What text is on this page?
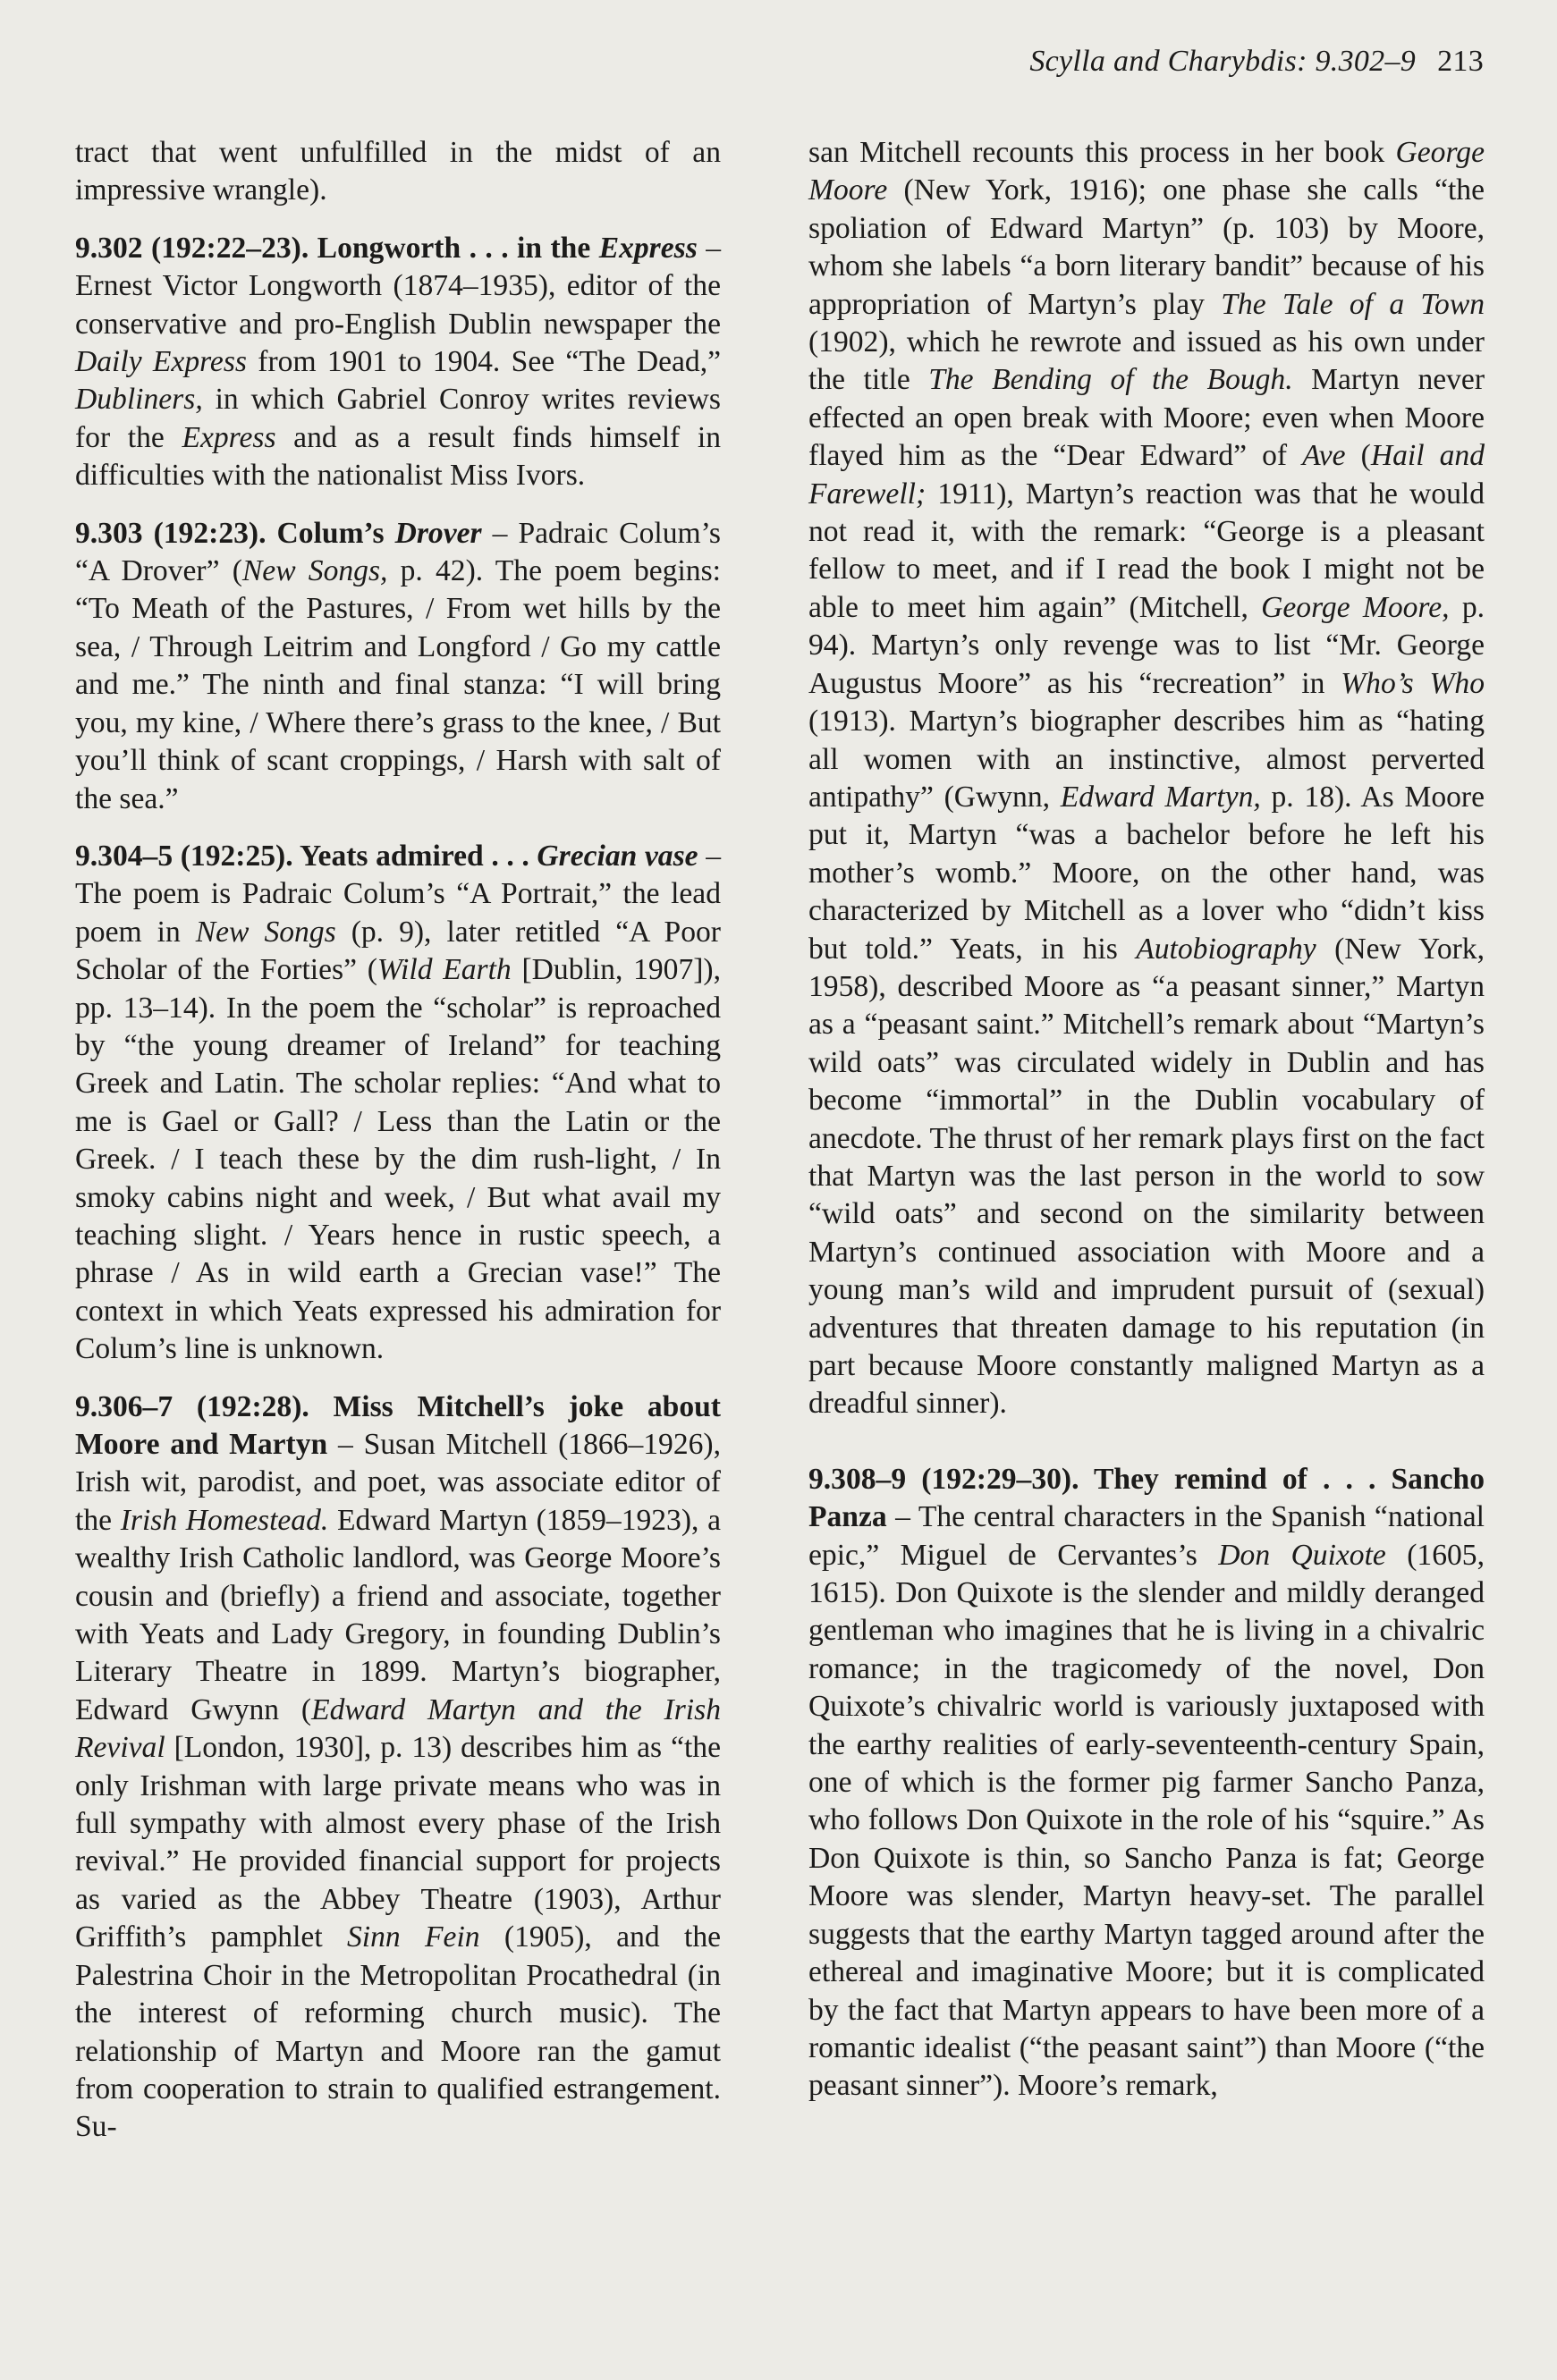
Scylla and Charybdis: 9.302–9 213

tract that went unfulfilled in the midst of an impressive wrangle).

9.302 (192:22–23). Longworth . . . in the Express – Ernest Victor Longworth (1874–1935), editor of the conservative and pro-English Dublin newspaper the Daily Express from 1901 to 1904. See “The Dead,” Dubliners, in which Gabriel Conroy writes reviews for the Express and as a result finds himself in difficulties with the nationalist Miss Ivors.

9.303 (192:23). Colum’s Drover – Padraic Colum’s “A Drover” (New Songs, p. 42). The poem begins: “To Meath of the Pastures, / From wet hills by the sea, / Through Leitrim and Longford / Go my cattle and me.” The ninth and final stanza: “I will bring you, my kine, / Where there’s grass to the knee, / But you’ll think of scant croppings, / Harsh with salt of the sea.”

9.304–5 (192:25). Yeats admired . . . Grecian vase – The poem is Padraic Colum’s “A Portrait,” the lead poem in New Songs (p. 9), later retitled “A Poor Scholar of the Forties” (Wild Earth [Dublin, 1907]), pp. 13–14). In the poem the “scholar” is reproached by “the young dreamer of Ireland” for teaching Greek and Latin. The scholar replies: “And what to me is Gael or Gall? / Less than the Latin or the Greek. / I teach these by the dim rush-light, / In smoky cabins night and week, / But what avail my teaching slight. / Years hence in rustic speech, a phrase / As in wild earth a Grecian vase!” The context in which Yeats expressed his admiration for Colum’s line is unknown.

9.306–7 (192:28). Miss Mitchell’s joke about Moore and Martyn – Susan Mitchell (1866–1926), Irish wit, parodist, and poet, was associate editor of the Irish Homestead. Edward Martyn (1859–1923), a wealthy Irish Catholic landlord, was George Moore’s cousin and (briefly) a friend and associate, together with Yeats and Lady Gregory, in founding Dublin’s Literary Theatre in 1899. Martyn’s biographer, Edward Gwynn (Edward Martyn and the Irish Revival [London, 1930], p. 13) describes him as “the only Irishman with large private means who was in full sympathy with almost every phase of the Irish revival.” He provided financial support for projects as varied as the Abbey Theatre (1903), Arthur Griffith’s pamphlet Sinn Fein (1905), and the Palestrina Choir in the Metropolitan Procathedral (in the interest of reforming church music). The relationship of Martyn and Moore ran the gamut from cooperation to strain to qualified estrangement. Su-

san Mitchell recounts this process in her book George Moore (New York, 1916); one phase she calls “the spoliation of Edward Martyn” (p. 103) by Moore, whom she labels “a born literary bandit” because of his appropriation of Martyn’s play The Tale of a Town (1902), which he rewrote and issued as his own under the title The Bending of the Bough. Martyn never effected an open break with Moore; even when Moore flayed him as the “Dear Edward” of Ave (Hail and Farewell; 1911), Martyn’s reaction was that he would not read it, with the remark: “George is a pleasant fellow to meet, and if I read the book I might not be able to meet him again” (Mitchell, George Moore, p. 94). Martyn’s only revenge was to list “Mr. George Augustus Moore” as his “recreation” in Who’s Who (1913). Martyn’s biographer describes him as “hating all women with an instinctive, almost perverted antipathy” (Gwynn, Edward Martyn, p. 18). As Moore put it, Martyn “was a bachelor before he left his mother’s womb.” Moore, on the other hand, was characterized by Mitchell as a lover who “didn’t kiss but told.” Yeats, in his Autobiography (New York, 1958), described Moore as “a peasant sinner,” Martyn as a “peasant saint.” Mitchell’s remark about “Martyn’s wild oats” was circulated widely in Dublin and has become “immortal” in the Dublin vocabulary of anecdote. The thrust of her remark plays first on the fact that Martyn was the last person in the world to sow “wild oats” and second on the similarity between Martyn’s continued association with Moore and a young man’s wild and imprudent pursuit of (sexual) adventures that threaten damage to his reputation (in part because Moore constantly maligned Martyn as a dreadful sinner).

9.308–9 (192:29–30). They remind of . . . Sancho Panza – The central characters in the Spanish “national epic,” Miguel de Cervantes’s Don Quixote (1605, 1615). Don Quixote is the slender and mildly deranged gentleman who imagines that he is living in a chivalric romance; in the tragicomedy of the novel, Don Quixote’s chivalric world is variously juxtaposed with the earthy realities of early-seventeenth-century Spain, one of which is the former pig farmer Sancho Panza, who follows Don Quixote in the role of his “squire.” As Don Quixote is thin, so Sancho Panza is fat; George Moore was slender, Martyn heavy-set. The parallel suggests that the earthy Martyn tagged around after the ethereal and imaginative Moore; but it is complicated by the fact that Martyn appears to have been more of a romantic idealist (“the peasant saint”) than Moore (“the peasant sinner”). Moore’s remark,
